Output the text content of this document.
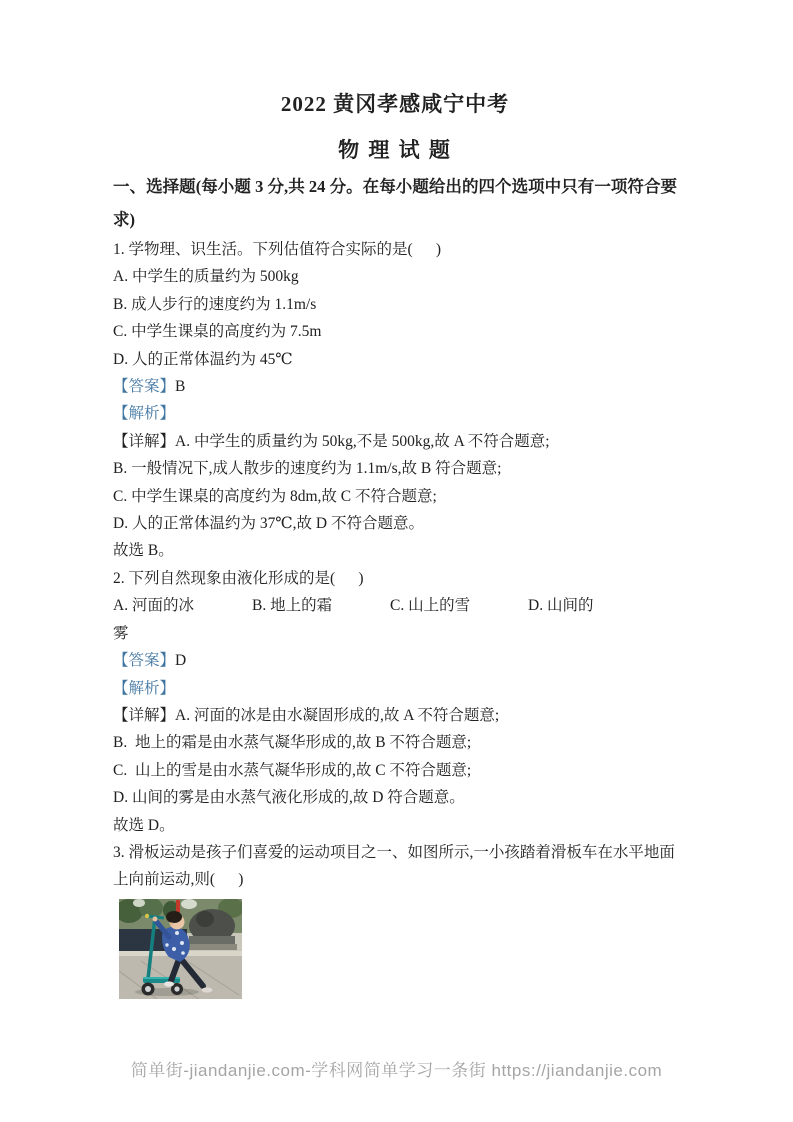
2022 黄冈孝感咸宁中考
物 理 试 题

一、选择题(每小题 3 分,共 24 分。在每小题给出的四个选项中只有一项符合要求)

1. 学物理、识生活。下列估值符合实际的是(      )

A. 中学生的质量约为 500kg

B. 成人步行的速度约为 1.1m/s

C. 中学生课桌的高度约为 7.5m

D. 人的正常体温约为 45℃

【答案】B

【解析】

【详解】A. 中学生的质量约为 50kg,不是 500kg,故 A 不符合题意;

B. 一般情况下,成人散步的速度约为 1.1m/s,故 B 符合题意;

C. 中学生课桌的高度约为 8dm,故 C 不符合题意;

D. 人的正常体温约为 37℃,故 D 不符合题意。

故选 B。

2. 下列自然现象由液化形成的是(      )

A. 河面的冰	B. 地上的霜	C. 山上的雪	D. 山间的

雾

【答案】D

【解析】

【详解】A. 河面的冰是由水凝固形成的,故 A 不符合题意;

B.  地上的霜是由水蒸气凝华形成的,故 B 不符合题意;

C.  山上的雪是由水蒸气凝华形成的,故 C 不符合题意;

D. 山间的雾是由水蒸气液化形成的,故 D 符合题意。

故选 D。

3. 滑板运动是孩子们喜爱的运动项目之一、如图所示,一小孩踏着滑板车在水平地面上向前运动,则(      )

简单街-jiandanjie.com-学科网简单学习一条街 https://jiandanjie.com
